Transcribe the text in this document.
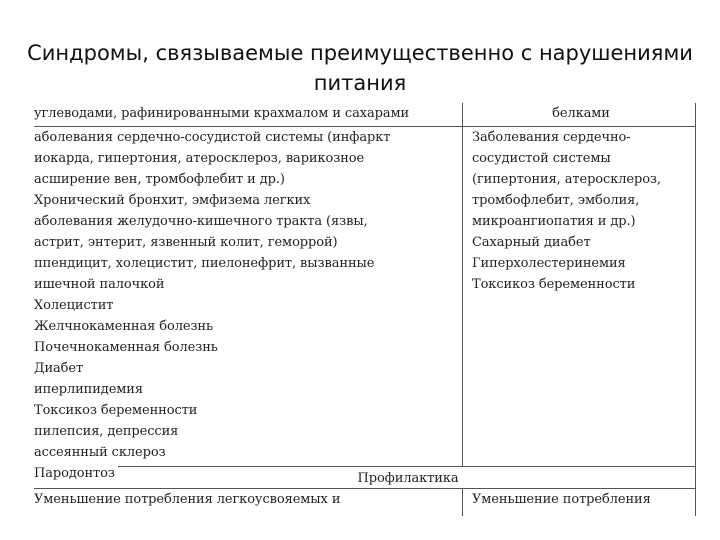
Синдромы, связываемые преимущественно с нарушениями питания
углеводами, рафинированными крахмалом и сахарами	белками
аболевания сердечно-сосудистой системы (инфаркт
иокарда, гипертония, атеросклероз, варикозное
асширение вен, тромбофлебит и др.)
Хронический бронхит, эмфизема легких
аболевания желудочно-кишечного тракта (язвы,
астрит, энтерит, язвенный колит, геморрой)
ппендицит, холецистит, пиелонефрит, вызванные
ишечной палочкой
Холецистит
Желчнокаменная болезнь
Почечнокаменная болезнь
Диабет
иперлипидемия
Токсикоз беременности
пилепсия, депрессия
ассеянный склероз
Пародонтоз
Заболевания сердечно-
сосудистой системы
(гипертония, атеросклероз,
тромбофлебит, эмболия,
микроангиопатия и др.)
Сахарный диабет
Гиперхолестеринемия
Токсикоз беременности
Профилактика
Уменьшение потребления легкоусвояемых и	Уменьшение потребления
